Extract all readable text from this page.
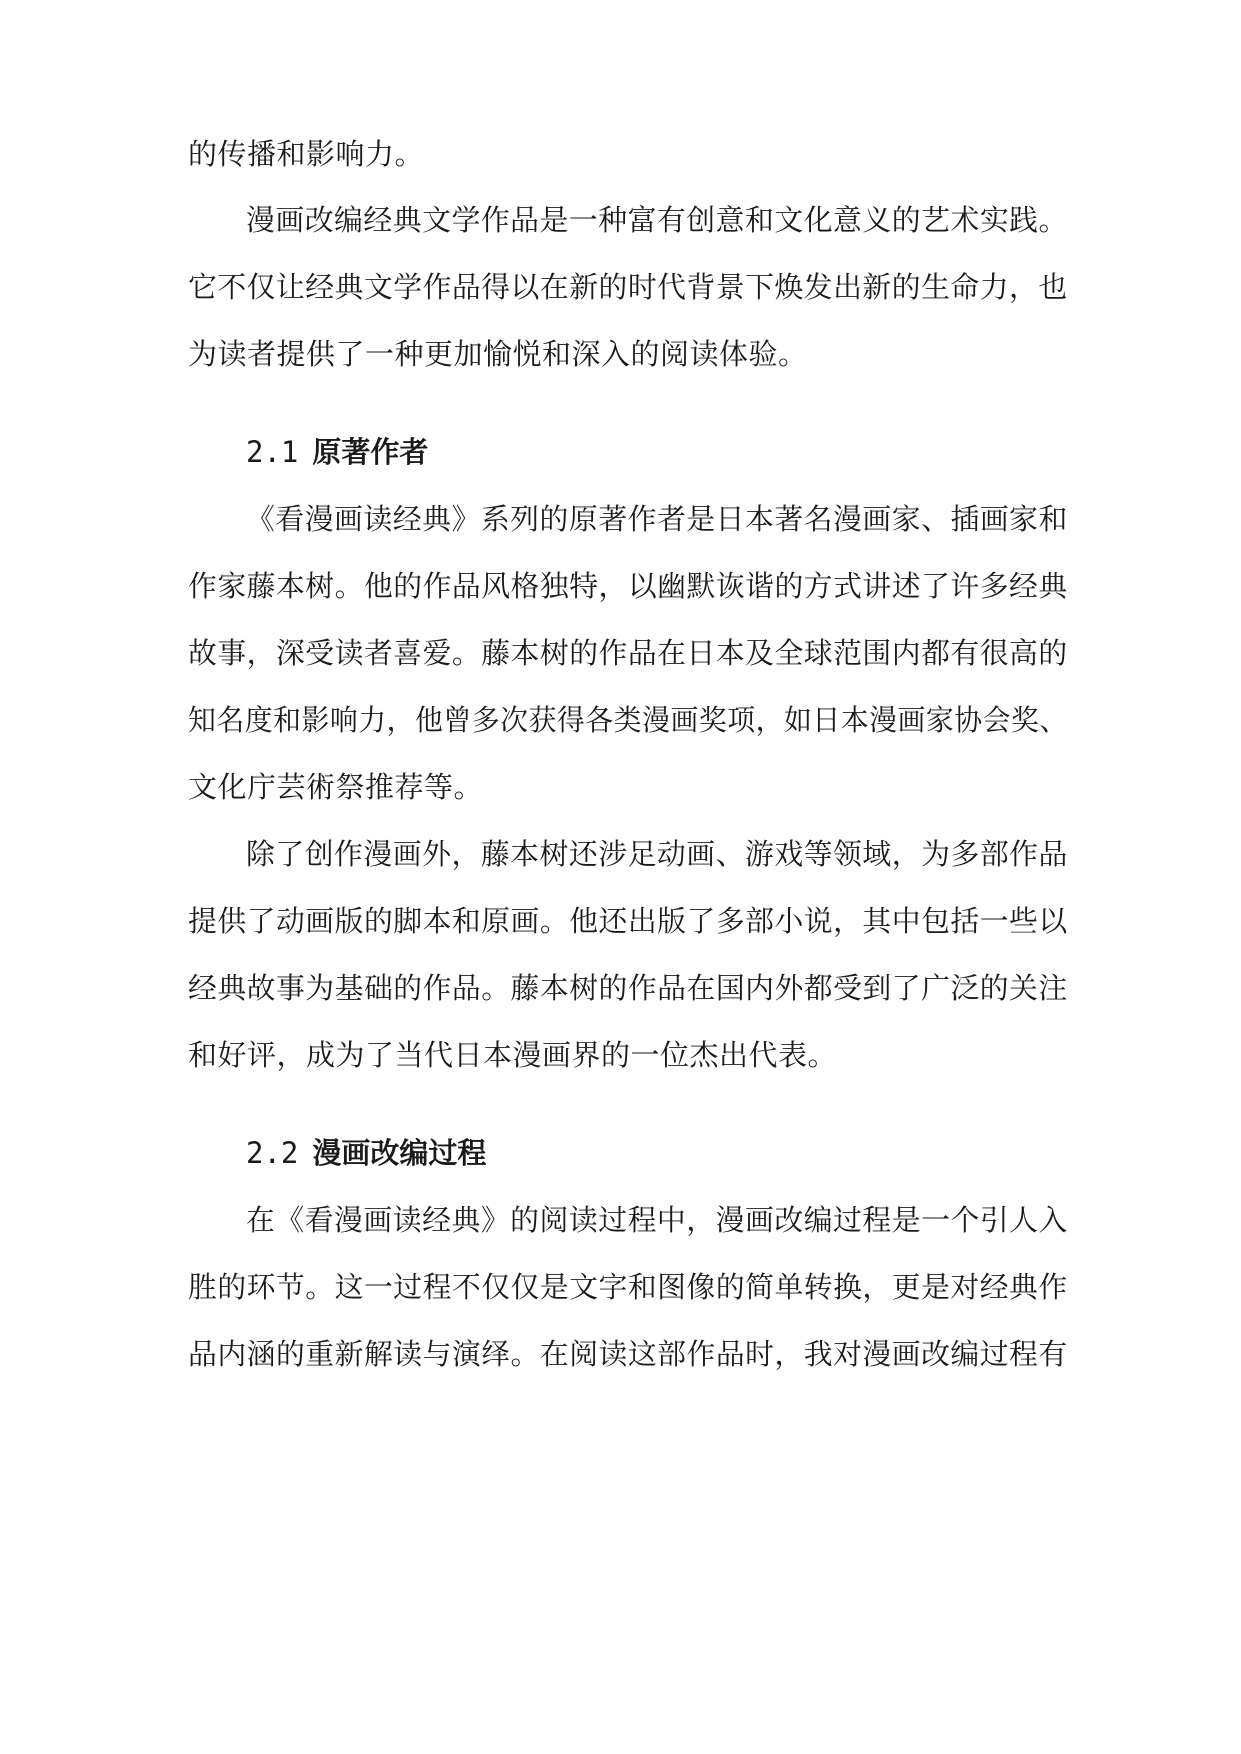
的传播和影响力。

漫画改编经典文学作品是一种富有创意和文化意义的艺术实践。

它不仅让经典文学作品得以在新的时代背景下焕发出新的生命力，也

为读者提供了一种更加愉悦和深入的阅读体验。

2.1 原著作者

《看漫画读经典》系列的原著作者是日本著名漫画家、插画家和

作家藤本树。他的作品风格独特，以幽默诙谐的方式讲述了许多经典

故事，深受读者喜爱。藤本树的作品在日本及全球范围内都有很高的

知名度和影响力，他曾多次获得各类漫画奖项，如日本漫画家协会奖、

文化庁芸術祭推荐等。

除了创作漫画外，藤本树还涉足动画、游戏等领域，为多部作品

提供了动画版的脚本和原画。他还出版了多部小说，其中包括一些以

经典故事为基础的作品。藤本树的作品在国内外都受到了广泛的关注

和好评，成为了当代日本漫画界的一位杰出代表。

2.2 漫画改编过程

在《看漫画读经典》的阅读过程中，漫画改编过程是一个引人入

胜的环节。这一过程不仅仅是文字和图像的简单转换，更是对经典作

品内涵的重新解读与演绎。在阅读这部作品时，我对漫画改编过程有
